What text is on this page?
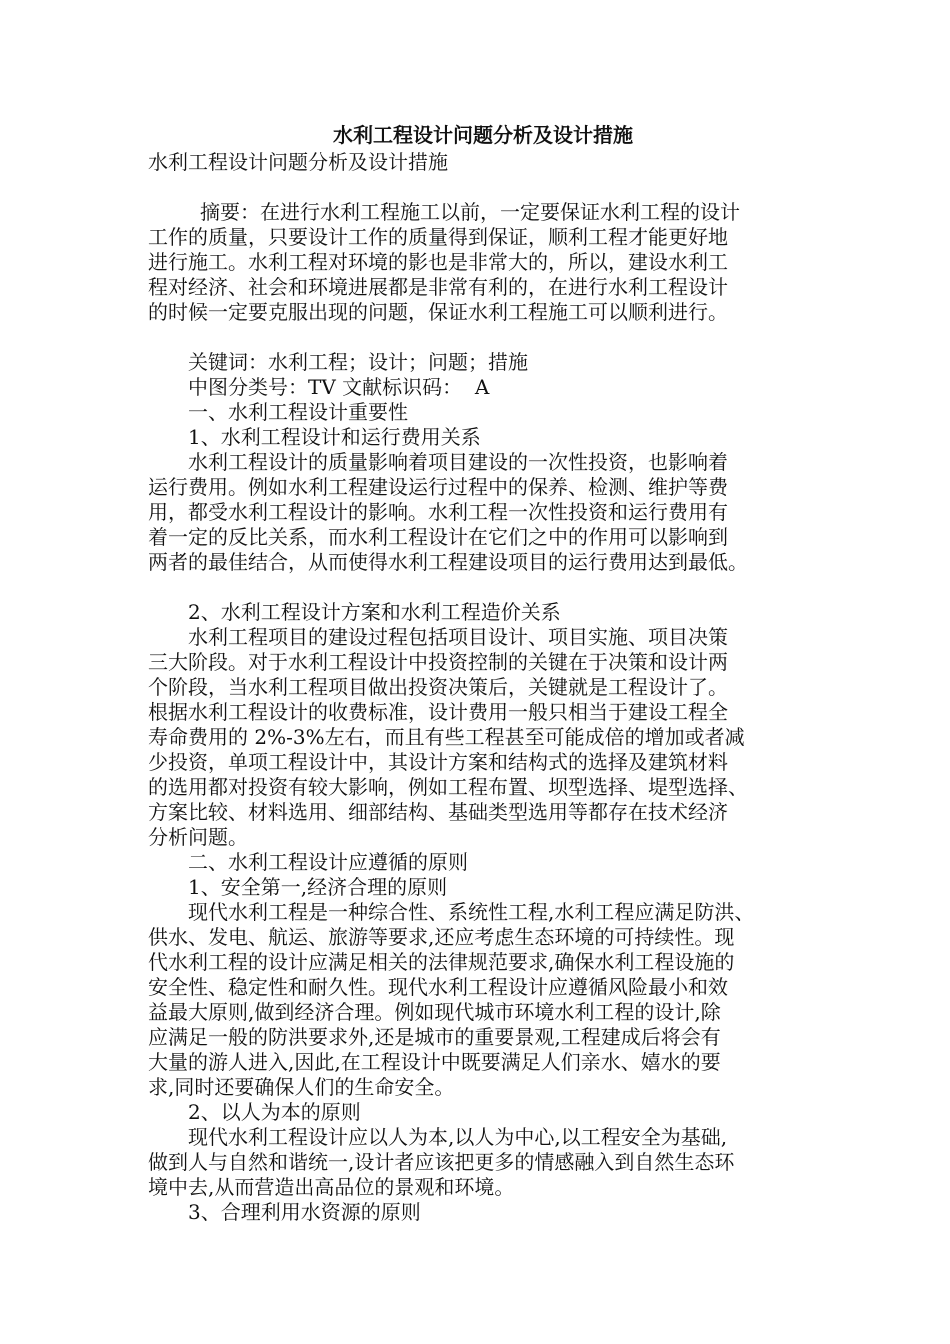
水利工程设计问题分析及设计措施
水利工程设计问题分析及设计措施
摘要：在进行水利工程施工以前，一定要保证水利工程的设计
工作的质量，只要设计工作的质量得到保证，顺利工程才能更好地
进行施工。水利工程对环境的影也是非常大的，所以，建设水利工
程对经济、社会和环境进展都是非常有利的，在进行水利工程设计
的时候一定要克服出现的问题，保证水利工程施工可以顺利进行。
关键词：水利工程；设计；问题；措施
中图分类号：TV 文献标识码：  A
一、水利工程设计重要性
1、水利工程设计和运行费用关系
水利工程设计的质量影响着项目建设的一次性投资，也影响着
运行费用。例如水利工程建设运行过程中的保养、检测、维护等费
用，都受水利工程设计的影响。水利工程一次性投资和运行费用有
着一定的反比关系，而水利工程设计在它们之中的作用可以影响到
两者的最佳结合，从而使得水利工程建设项目的运行费用达到最低。
2、水利工程设计方案和水利工程造价关系
水利工程项目的建设过程包括项目设计、项目实施、项目决策
三大阶段。对于水利工程设计中投资控制的关键在于决策和设计两
个阶段，当水利工程项目做出投资决策后，关键就是工程设计了。
根据水利工程设计的收费标准，设计费用一般只相当于建设工程全
寿命费用的 2%-3%左右，而且有些工程甚至可能成倍的增加或者减
少投资，单项工程设计中，其设计方案和结构式的选择及建筑材料
的选用都对投资有较大影响，例如工程布置、坝型选择、堤型选择、
方案比较、材料选用、细部结构、基础类型选用等都存在技术经济
分析问题。
二、水利工程设计应遵循的原则
1、安全第一,经济合理的原则
现代水利工程是一种综合性、系统性工程,水利工程应满足防洪、
供水、发电、航运、旅游等要求,还应考虑生态环境的可持续性。现
代水利工程的设计应满足相关的法律规范要求,确保水利工程设施的
安全性、稳定性和耐久性。现代水利工程设计应遵循风险最小和效
益最大原则,做到经济合理。例如现代城市环境水利工程的设计,除
应满足一般的防洪要求外,还是城市的重要景观,工程建成后将会有
大量的游人进入,因此,在工程设计中既要满足人们亲水、嬉水的要
求,同时还要确保人们的生命安全。
2、以人为本的原则
现代水利工程设计应以人为本,以人为中心,以工程安全为基础,
做到人与自然和谐统一,设计者应该把更多的情感融入到自然生态环
境中去,从而营造出高品位的景观和环境。
3、合理利用水资源的原则
